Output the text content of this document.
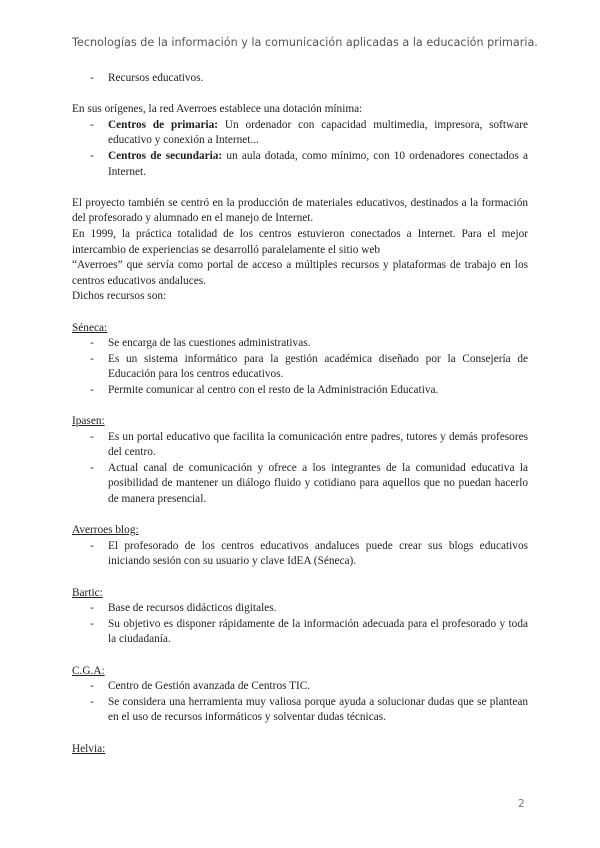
Tecnologías de la información y la comunicación aplicadas a la educación primaria.
- Recursos educativos.

En sus orígenes, la red Averroes establece una dotación mínima:

- Centros de primaria: Un ordenador con capacidad multimedia, impresora, software educativo y conexión a Internet...
- Centros de secundaria: un aula dotada, como mínimo, con 10 ordenadores conectados a Internet.

El proyecto también se centró en la producción de materiales educativos, destinados a la formación del profesorado y alumnado en el manejo de Internet.

En 1999, la práctica totalidad de los centros estuvieron conectados a Internet. Para el mejor intercambio de experiencias se desarrolló paralelamente el sitio web

“Averroes” que servía como portal de acceso a múltiples recursos y plataformas de trabajo en los centros educativos andaluces.

Dichos recursos son:

Séneca:

- Se encarga de las cuestiones administrativas.
- Es un sistema informático para la gestión académica diseñado por la Consejería de Educación para los centros educativos.
- Permite comunicar al centro con el resto de la Administración Educativa.

Ipasen:

- Es un portal educativo que facilita la comunicación entre padres, tutores y demás profesores del centro.
- Actual canal de comunicación y ofrece a los integrantes de la comunidad educativa la posibilidad de mantener un diálogo fluido y cotidiano para aquellos que no puedan hacerlo de manera presencial.

Averroes blog:

- El profesorado de los centros educativos andaluces puede crear sus blogs educativos iniciando sesión con su usuario y clave IdEA (Séneca).

Bartic:

- Base de recursos didácticos digitales.
- Su objetivo es disponer rápidamente de la información adecuada para el profesorado y toda la ciudadanía.

C.G.A:

- Centro de Gestión avanzada de Centros TIC.
- Se considera una herramienta muy valiosa porque ayuda a solucionar dudas que se plantean en el uso de recursos informáticos y solventar dudas técnicas.

Helvia:

2
